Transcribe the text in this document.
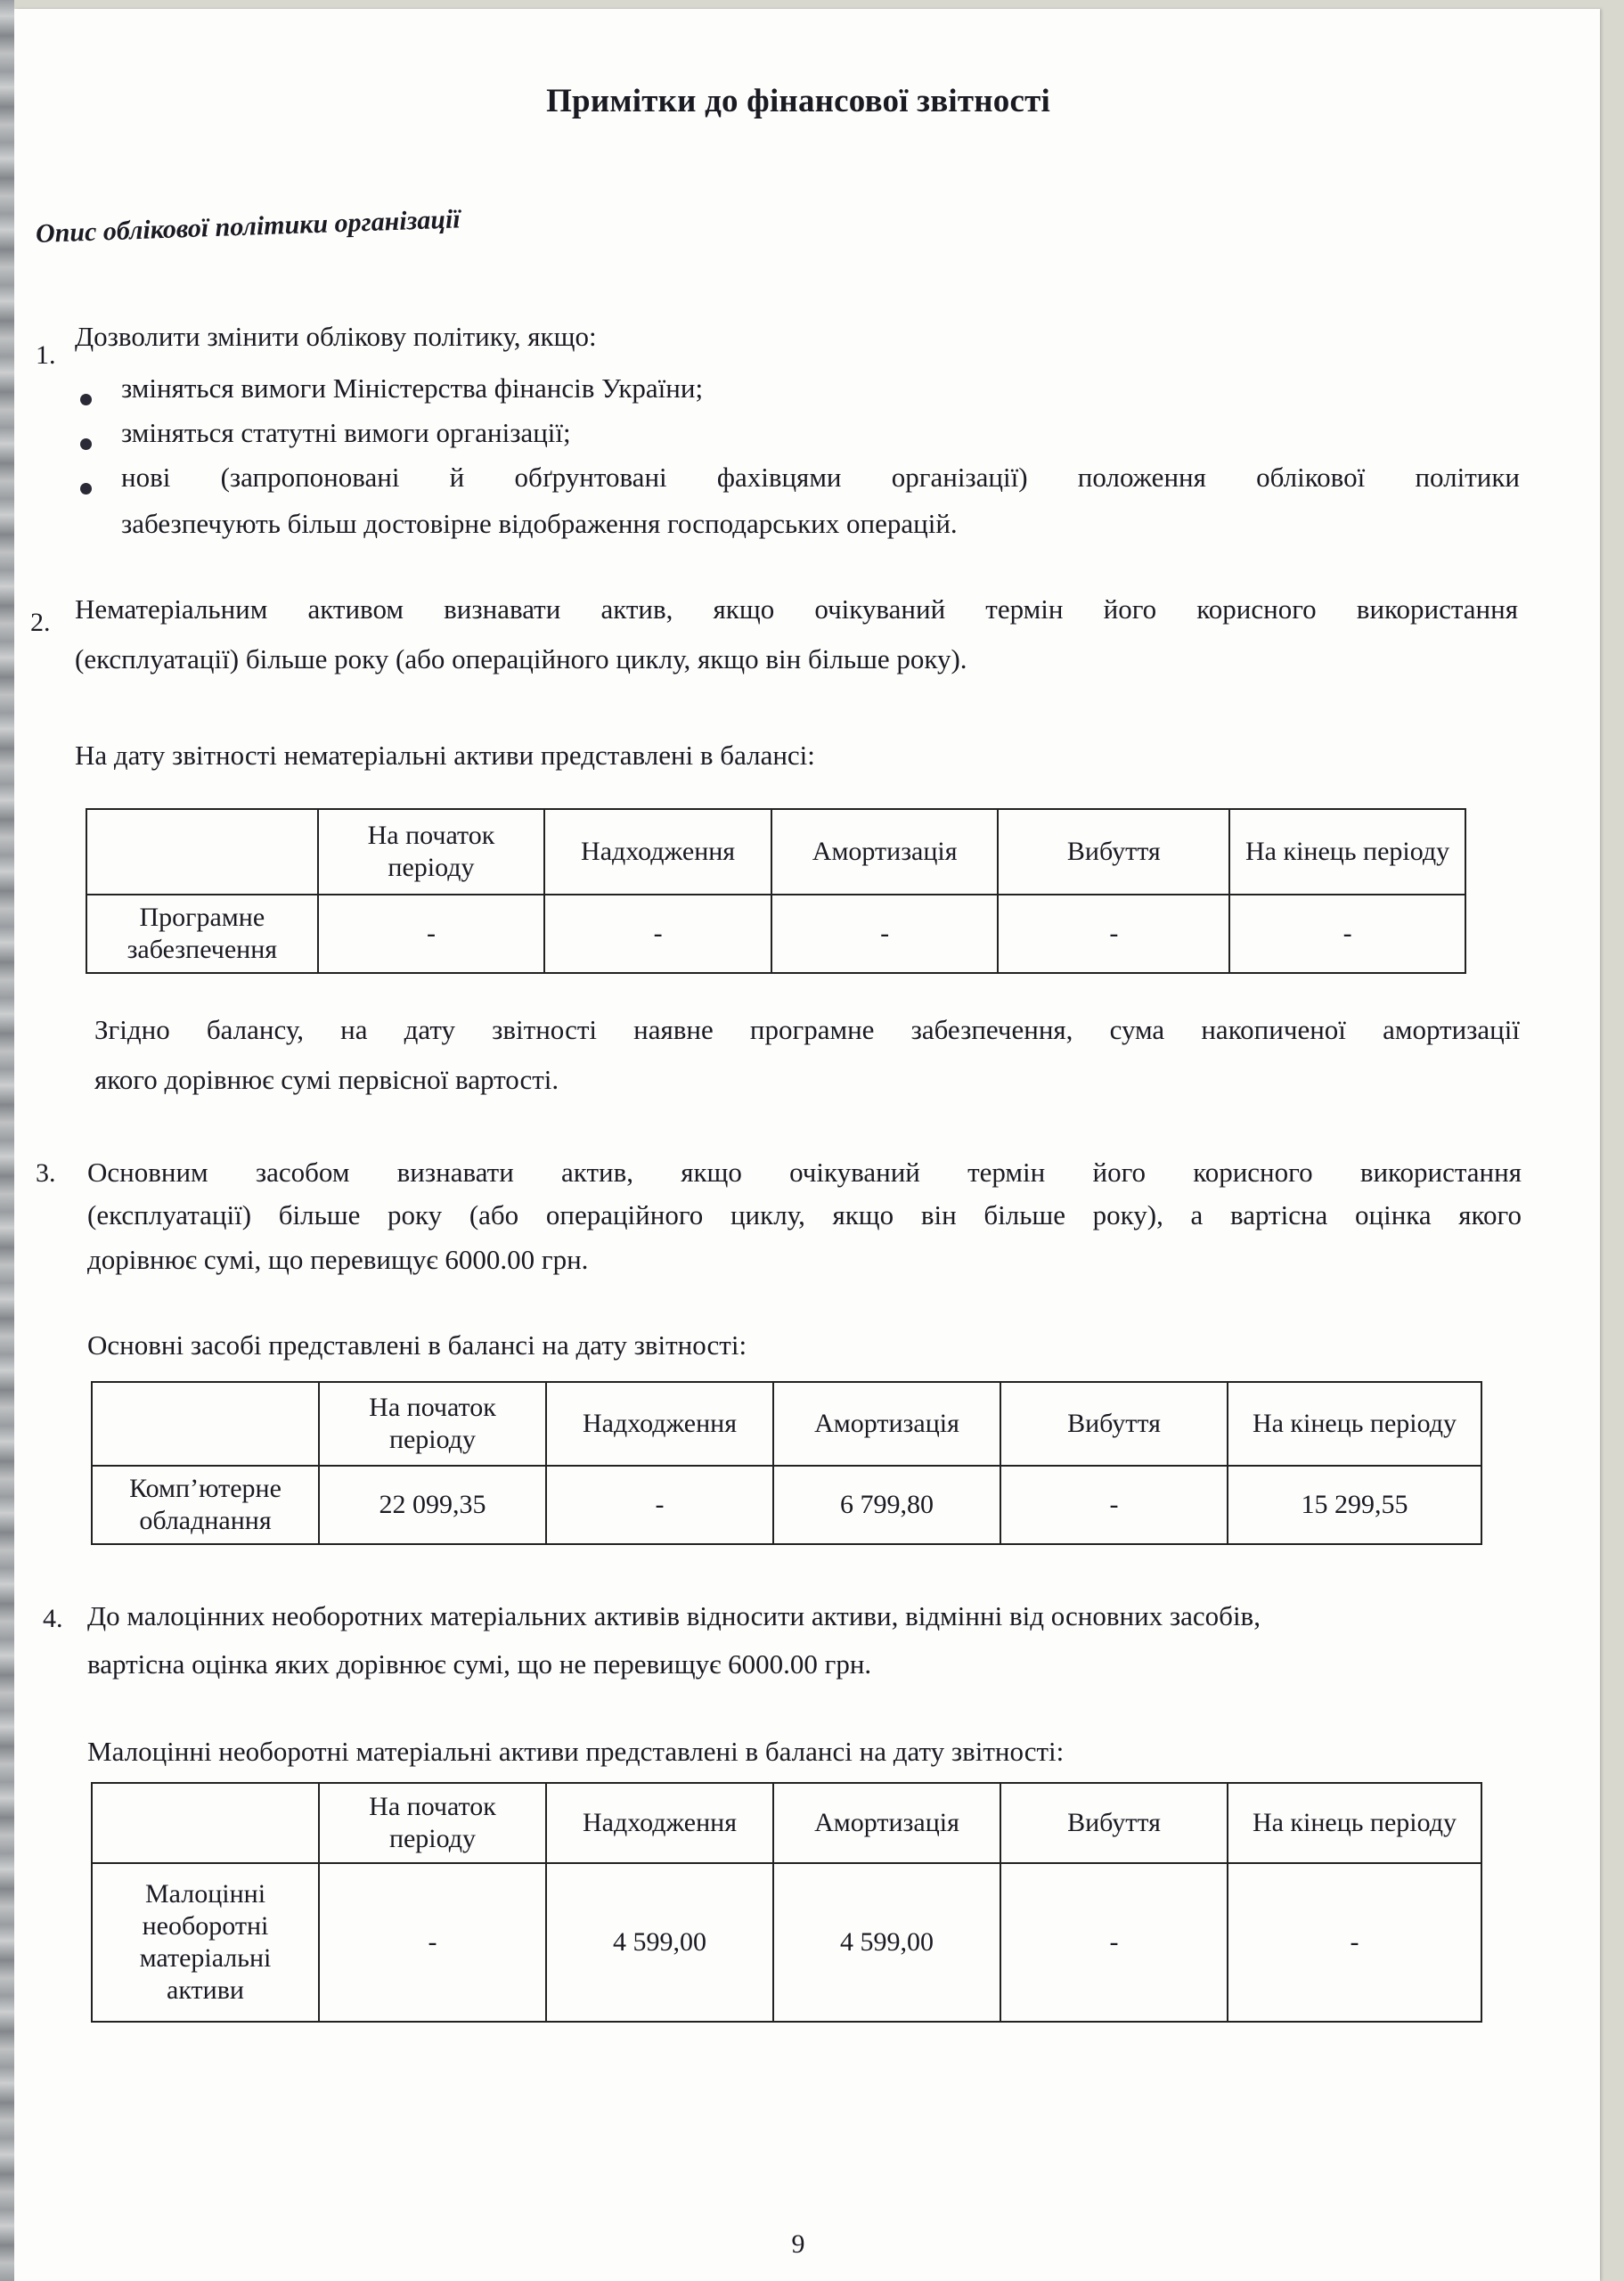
Примітки до фінансової звітності
Опис облікової політики організації
1.
Дозволити змінити облікову політику, якщо:
зміняться вимоги Міністерства фінансів України;
зміняться статутні вимоги організації;
нові (запропоновані й обґрунтовані фахівцями організації) положення облікової політики
забезпечують більш достовірне відображення господарських операцій.
2. Нематеріальним активом визнавати актив, якщо очікуваний термін його корисного використання
(експлуатації) більше року (або операційного циклу, якщо він більше року).
На дату звітності нематеріальні активи представлені в балансі:
	На початок періоду	Надходження	Амортизація	Вибуття	На кінець періоду
Програмне забезпечення	-	-	-	-	-
Згідно балансу, на дату звітності наявне програмне забезпечення, сума накопиченої амортизації
якого дорівнює сумі первісної вартості.
3. Основним засобом визнавати актив, якщо очікуваний термін його корисного використання
(експлуатації) більше року (або операційного циклу, якщо він більше року), а вартісна оцінка якого
дорівнює сумі, що перевищує 6000.00 грн.
Основні засобі представлені в балансі на дату звітності:
	На початок періоду	Надходження	Амортизація	Вибуття	На кінець періоду
Комп’ютерне обладнання	22 099,35	-	6 799,80	-	15 299,55
4. До малоцінних необоротних матеріальних активів відносити активи, відмінні від основних засобів,
вартісна оцінка яких дорівнює сумі, що не перевищує 6000.00 грн.
Малоцінні необоротні матеріальні активи представлені в балансі на дату звітності:
	На початок періоду	Надходження	Амортизація	Вибуття	На кінець періоду
Малоцінні необоротні матеріальні активи	-	4 599,00	4 599,00	-	-
9
